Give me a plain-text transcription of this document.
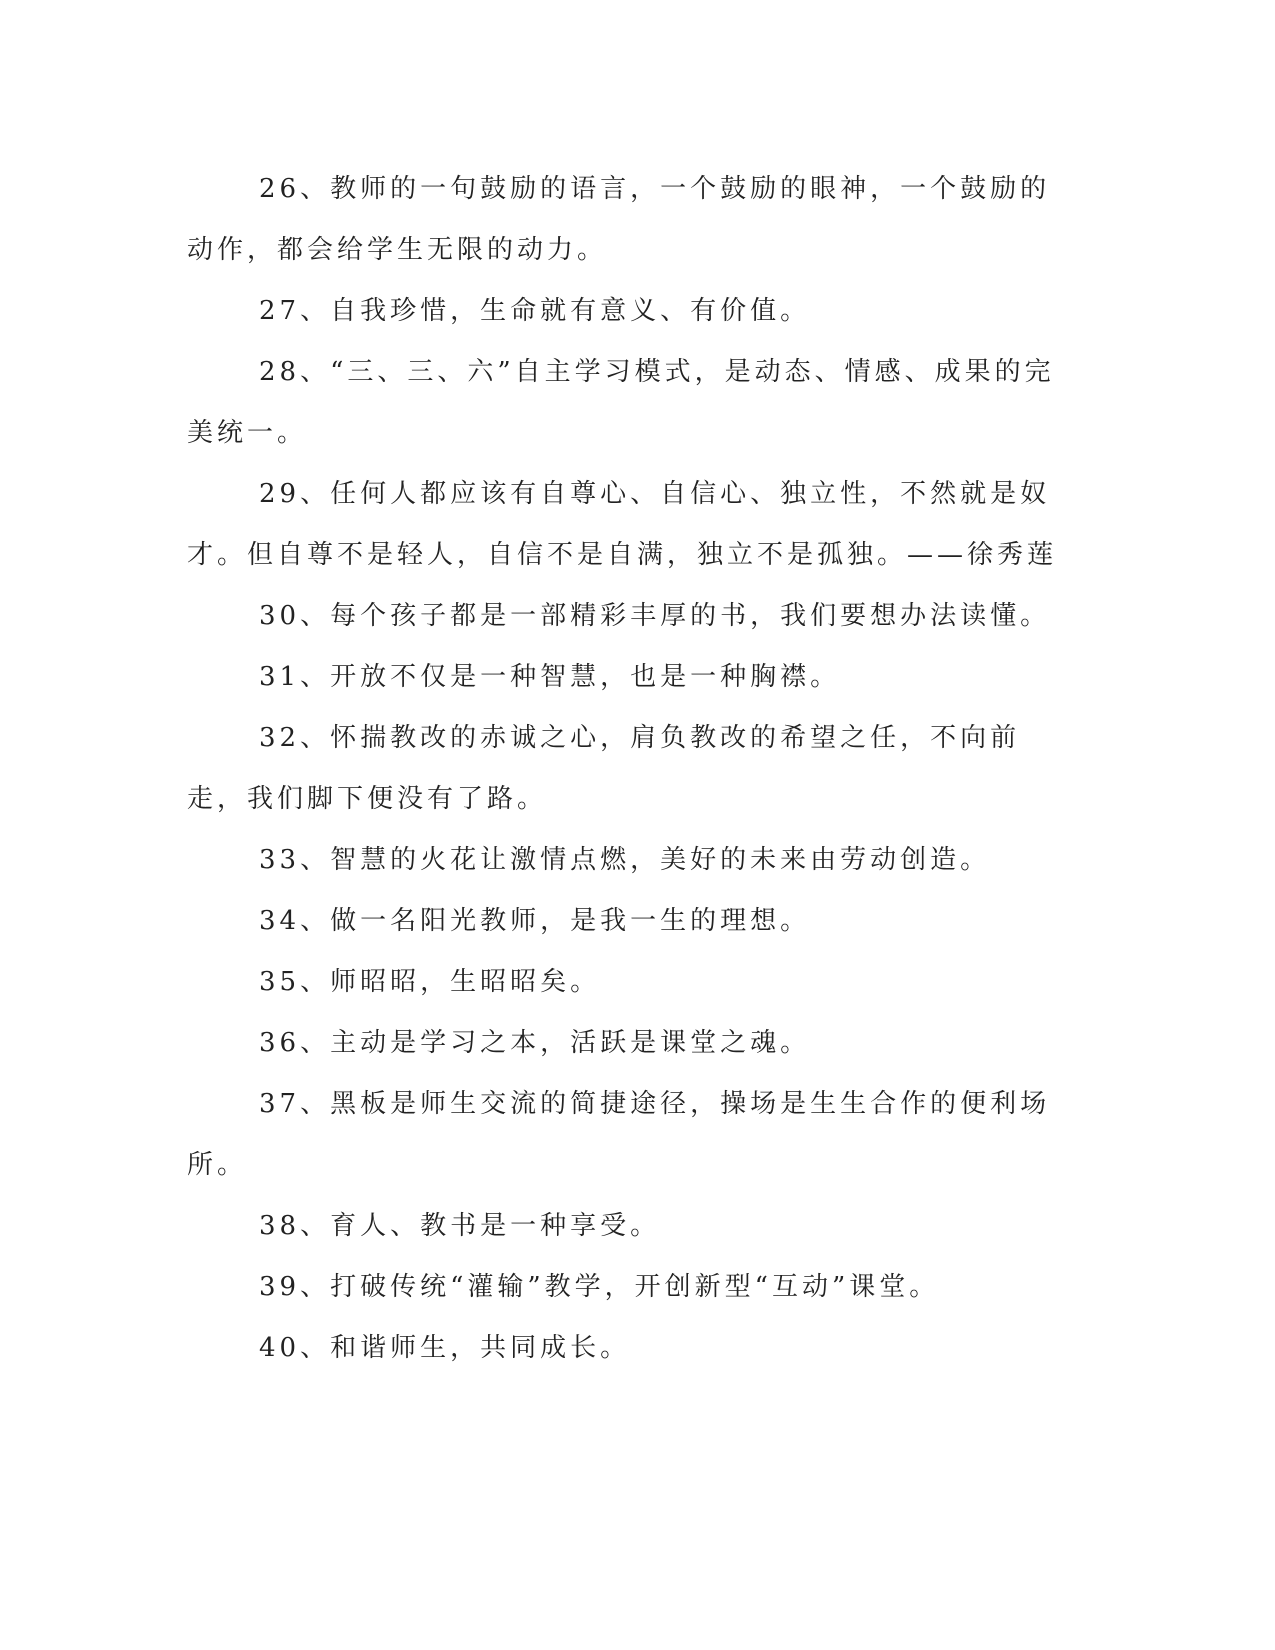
26、教师的一句鼓励的语言，一个鼓励的眼神，一个鼓励的动作，都会给学生无限的动力。

27、自我珍惜，生命就有意义、有价值。

28、“三、三、六”自主学习模式，是动态、情感、成果的完美统一。

29、任何人都应该有自尊心、自信心、独立性，不然就是奴才。但自尊不是轻人，自信不是自满，独立不是孤独。——徐秀莲

30、每个孩子都是一部精彩丰厚的书，我们要想办法读懂。

31、开放不仅是一种智慧，也是一种胸襟。

32、怀揣教改的赤诚之心，肩负教改的希望之任，不向前走，我们脚下便没有了路。

33、智慧的火花让激情点燃，美好的未来由劳动创造。

34、做一名阳光教师，是我一生的理想。

35、师昭昭，生昭昭矣。

36、主动是学习之本，活跃是课堂之魂。

37、黑板是师生交流的简捷途径，操场是生生合作的便利场所。

38、育人、教书是一种享受。

39、打破传统“灌输”教学，开创新型“互动”课堂。

40、和谐师生，共同成长。
